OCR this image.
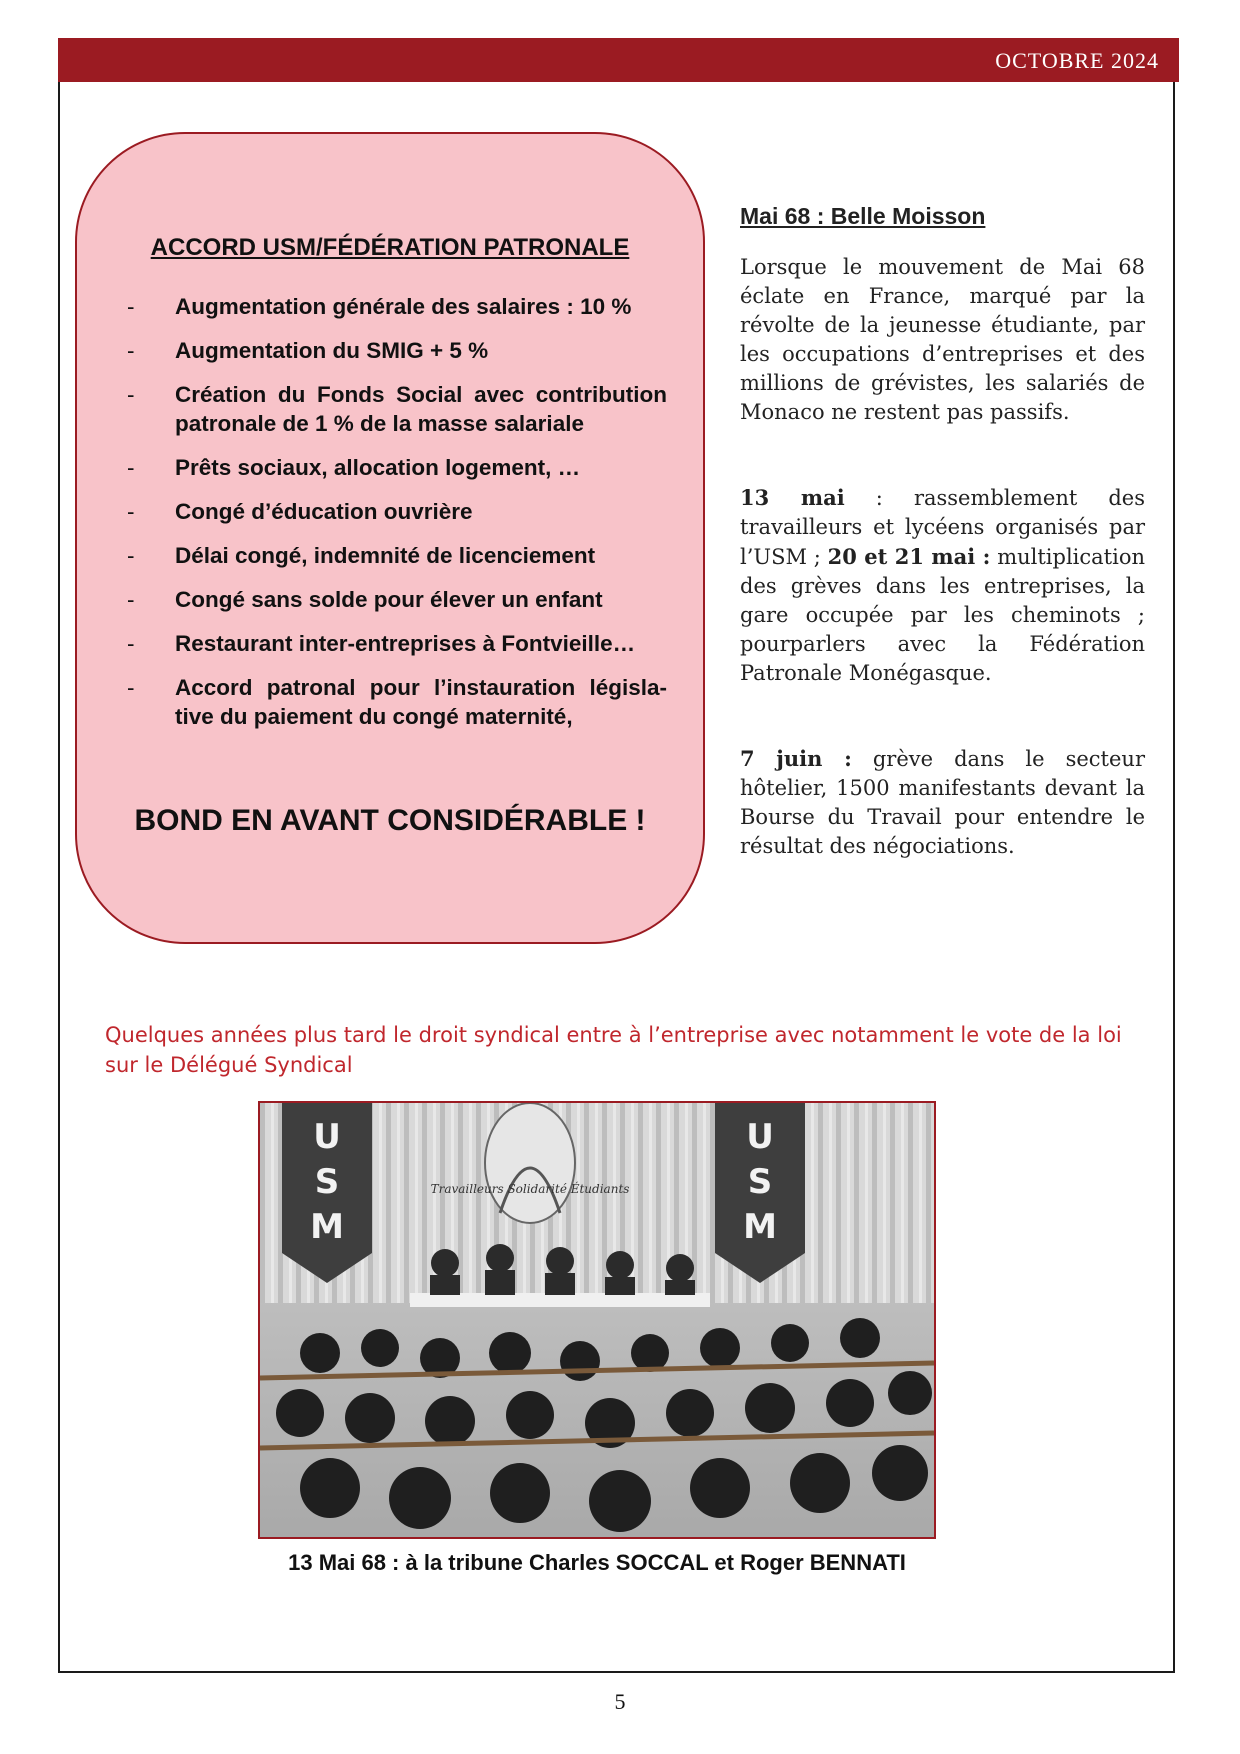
OCTOBRE 2024
ACCORD USM/FÉDÉRATION PATRONALE
- Augmentation générale des salaires : 10 %
- Augmentation du SMIG + 5 %
- Création du Fonds Social avec contribution patronale de 1 % de la masse salariale
- Prêts sociaux, allocation logement, …
- Congé d’éducation ouvrière
- Délai congé, indemnité de licenciement
- Congé sans solde pour élever un enfant
- Restaurant inter-entreprises à Fontvieille…
- Accord patronal pour l’instauration législa-tive du paiement du congé maternité,
BOND EN AVANT CONSIDÉRABLE !
Mai 68 : Belle Moisson

Lorsque le mouvement de Mai 68 éclate en France, marqué par la révolte de la jeunesse étudiante, par les occupations d’entreprises et des millions de grévistes, les salariés de Monaco ne restent pas passifs.

13 mai : rassemblement des travailleurs et lycéens organisés par l’USM ; 20 et 21 mai : multiplication des grèves dans les entreprises, la gare occupée par les cheminots ; pourparlers avec la Fédération Patronale Monégasque.

7 juin : grève dans le secteur hôtelier, 1500 manifestants devant la Bourse du Travail pour entendre le résultat des négociations.

Quelques années plus tard le droit syndical entre à l’entreprise avec notamment le vote de la loi sur le Délégué Syndical
U
S
M
U
S
M
Travailleurs Solidarité Étudiants
13 Mai 68 : à la tribune Charles SOCCAL et Roger BENNATI
5
